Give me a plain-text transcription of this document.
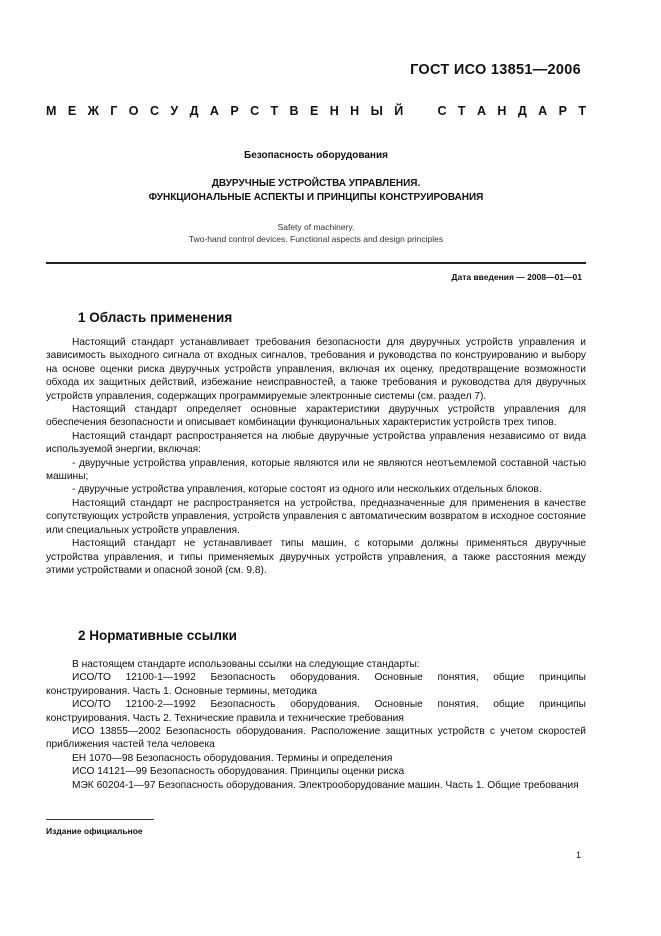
ГОСТ ИСО 13851—2006
М Е Ж Г О С У Д А Р С Т В Е Н Н Ы Й	С Т А Н Д А Р Т
Безопасность оборудования
ДВУРУЧНЫЕ УСТРОЙСТВА УПРАВЛЕНИЯ.
ФУНКЦИОНАЛЬНЫЕ АСПЕКТЫ И ПРИНЦИПЫ КОНСТРУИРОВАНИЯ
Safety of machinery.
Two-hand control devices. Functional aspects and design principles
Дата введения — 2008—01—01
1 Область применения

Настоящий стандарт устанавливает требования безопасности для двуручных устройств управления и зависимость выходного сигнала от входных сигналов, требования и руководства по конструированию и выбору на основе оценки риска двуручных устройств управления, включая их оценку, предотвращение возможности обхода их защитных действий, избежание неисправностей, а также требования и руководства для двуручных устройств управления, содержащих программируемые электронные системы (см. раздел 7).

Настоящий стандарт определяет основные характеристики двуручных устройств управления для обеспечения безопасности и описывает комбинации функциональных характеристик устройств трех типов.

Настоящий стандарт распространяется на любые двуручные устройства управления независимо от вида используемой энергии, включая:

- двуручные устройства управления, которые являются или не являются неотъемлемой составной частью машины;

- двуручные устройства управления, которые состоят из одного или нескольких отдельных блоков.

Настоящий стандарт не распространяется на устройства, предназначенные для применения в качестве сопутствующих устройств управления, устройств управления с автоматическим возвратом в исходное состояние или специальных устройств управления.

Настоящий стандарт не устанавливает типы машин, с которыми должны применяться двуручные устройства управления, и типы применяемых двуручных устройств управления, а также расстояния между этими устройствами и опасной зоной (см. 9.8).

2 Нормативные ссылки

В настоящем стандарте использованы ссылки на следующие стандарты:

ИСО/ТО 12100-1—1992 Безопасность оборудования. Основные понятия, общие принципы конструирования. Часть 1. Основные термины, методика

ИСО/ТО 12100-2—1992 Безопасность оборудования. Основные понятия, общие принципы конструирования. Часть 2. Технические правила и технические требования

ИСО 13855—2002 Безопасность оборудования. Расположение защитных устройств с учетом скоростей приближения частей тела человека

ЕН 1070—98 Безопасность оборудования. Термины и определения

ИСО 14121—99 Безопасность оборудования. Принципы оценки риска

МЭК 60204-1—97 Безопасность оборудования. Электрооборудование машин. Часть 1. Общие требования

Издание официальное
1
